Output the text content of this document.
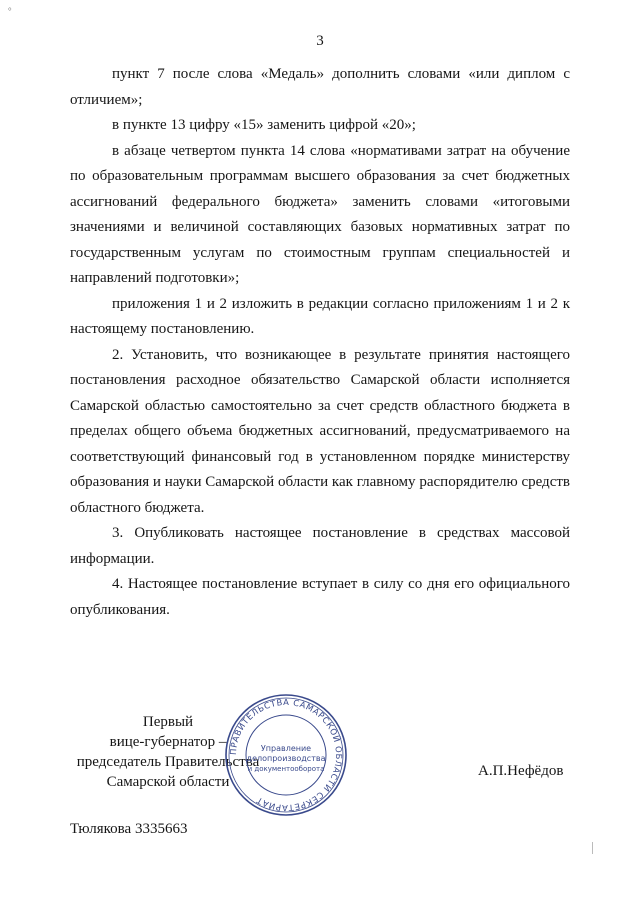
°
3

пункт 7 после слова «Медаль» дополнить словами «или диплом с отличием»;

в пункте 13 цифру «15» заменить цифрой «20»;

в абзаце четвертом пункта 14 слова «нормативами затрат на обучение по образовательным программам высшего образования за счет бюджетных ассигнований федерального бюджета» заменить словами «итоговыми значениями и величиной составляющих базовых нормативных затрат по государственным услугам по стоимостным группам специальностей и направлений подготовки»;

приложения 1 и 2 изложить в редакции согласно приложениям 1 и 2 к настоящему постановлению.

2. Установить, что возникающее в результате принятия настоящего постановления расходное обязательство Самарской области исполняется Самарской областью самостоятельно за счет средств областного бюджета в пределах общего объема бюджетных ассигнований, предусматриваемого на соответствующий финансовый год в установленном порядке министерству образования и науки Самарской области как главному распорядителю средств областного бюджета.

3. Опубликовать настоящее постановление в средствах массовой информации.

4. Настоящее постановление вступает в силу со дня его официального опубликования.

Первый
вице-губернатор –
председатель Правительства
Самарской области
ПРАВИТЕЛЬСТВА САМАРСКОЙ ОБЛАСТИ СЕКРЕТАРИАТ
Управление
делопроизводства
и документооборота	А.П.Нефёдов
Тюлякова 3335663
